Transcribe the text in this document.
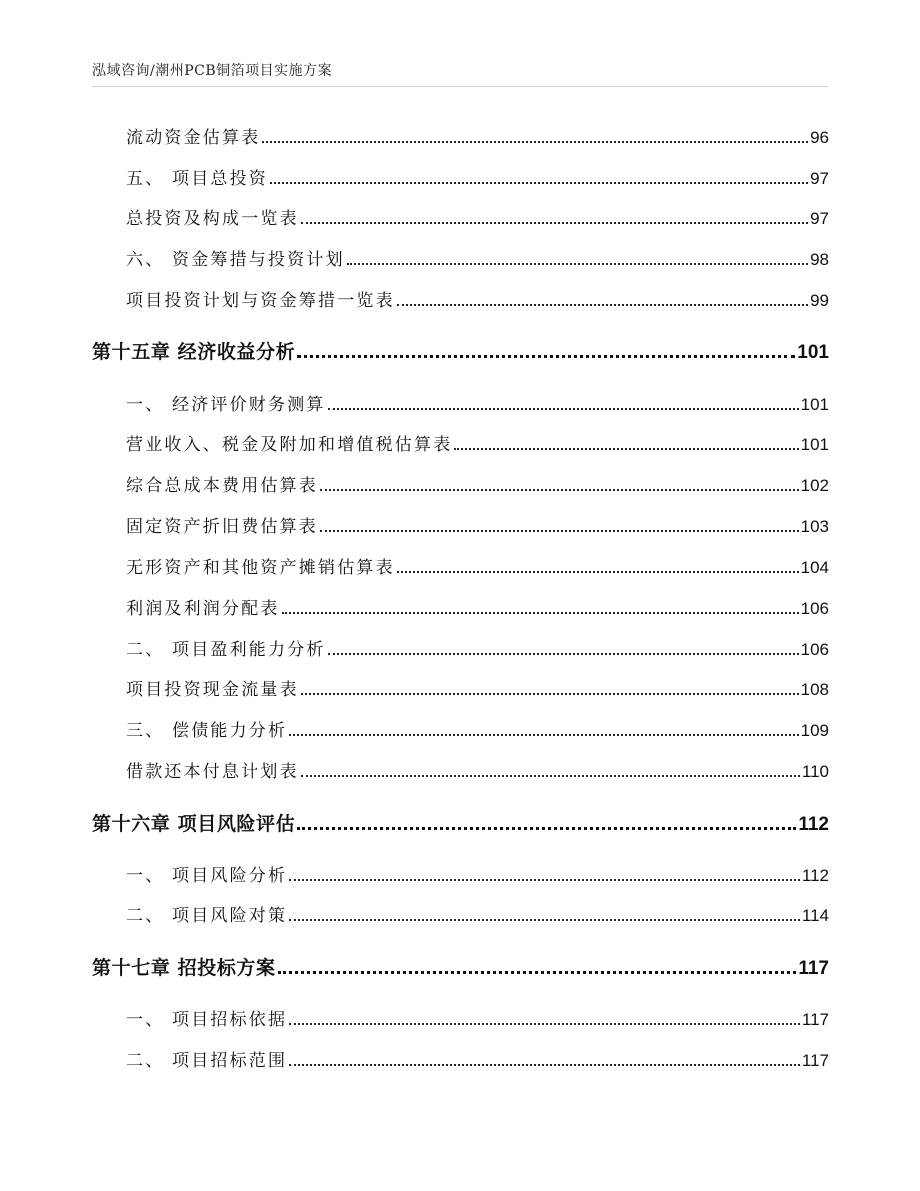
泓域咨询/潮州PCB铜箔项目实施方案
流动资金估算表	96
五、 项目总投资	97
总投资及构成一览表	97
六、 资金筹措与投资计划	98
项目投资计划与资金筹措一览表	99
第十五章 经济收益分析	101
一、 经济评价财务测算	101
营业收入、税金及附加和增值税估算表	101
综合总成本费用估算表	102
固定资产折旧费估算表	103
无形资产和其他资产摊销估算表	104
利润及利润分配表	106
二、 项目盈利能力分析	106
项目投资现金流量表	108
三、 偿债能力分析	109
借款还本付息计划表	110
第十六章 项目风险评估	112
一、 项目风险分析	112
二、 项目风险对策	114
第十七章 招投标方案	117
一、 项目招标依据	117
二、 项目招标范围	117
